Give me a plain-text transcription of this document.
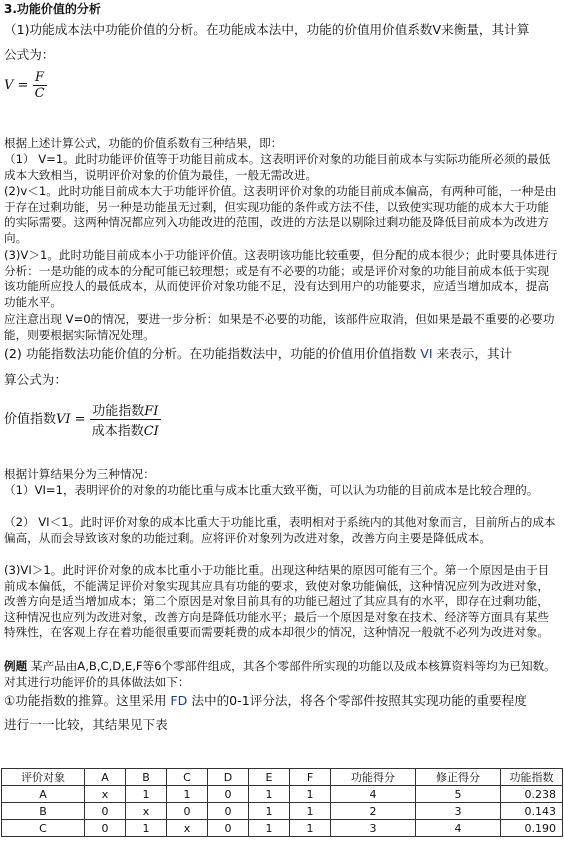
3.功能价值的分析

（1)功能成本法中功能价值的分析。在功能成本法中，功能的价值用价值系数Ⅴ来衡量，其计算

公式为：

$V = \frac{F}{C}$

根据上述计算公式，功能的价值系数有三种结果，即：

（1） V=1。此时功能评价值等于功能目前成本。这表明评价对象的功能目前成本与实际功能所必须的最低成本大致相当，说明评价对象的价值为最佳，一般无需改进。

(2)v＜1。此时功能目前成本大于功能评价值。这表明评价对象的功能目前成本偏高，有两种可能，一种是由于存在过剩功能，另一种是功能虽无过剩，但实现功能的条件或方法不佳，以致使实现功能的成本大于功能的实际需要。这两种情况都应列入功能改进的范围，改进的方法是以剔除过剩功能及降低目前成本为改进方向。

(3)V＞1。此时功能目前成本小于功能评价值。这表明该功能比较重要，但分配的成本很少；此时要具体进行分析：一是功能的成本的分配可能已较理想；或是有不必要的功能；或是评价对象的功能目前成本低于实现该功能所应投人的最低成本，从而使评价对象功能不足，没有达到用户的功能要求，应适当增加成本，提高功能水平。

应注意出现 V=0的情况，要进一步分析：如果是不必要的功能，该部件应取消，但如果是最不重要的必要功能，则要根据实际情况处理。

(2) 功能指数法功能价值的分析。在功能指数法中，功能的价值用价值指数 VI 来表示，其计

算公式为：

价值指数VI = $\frac{\text{功能指数FI}}{\text{成本指数CI}}$

根据计算结果分为三种情况：

（1）VI=1，表明评价的对象的功能比重与成本比重大致平衡，可以认为功能的目前成本是比较合理的。

（2） VI＜1。此时评价对象的成本比重大于功能比重，表明相对于系统内的其他对象而言，目前所占的成本偏高，从而会导致该对象的功能过剩。应将评价对象列为改进对象，改善方向主要是降低成本。

(3)VI＞1。此时评价对象的成本比重小于功能比重。出现这种结果的原因可能有三个。第一个原因是由于目前成本偏低，不能满足评价对象实现其应具有功能的要求，致使对象功能偏低，这种情况应列为改进对象，改善方向是适当增加成本；第二个原因是对象目前具有的功能已超过了其应具有的水平，即存在过剩功能，这种情况也应列为改进对象，改善方向是降低功能水平；最后一个原因是对象在技术、经济等方面具有某些特殊性，在客观上存在着功能很重要而需要耗费的成本却很少的情况，这种情况一般就不必列为改进对象。

例题 某产品由A,B,C,D,E,F等6个零部件组成，其各个零部件所实现的功能以及成本核算资料等均为已知数。对其进行功能评价的具体做法如下：

①功能指数的推算。这里采用 FD 法中的0-1评分法，将各个零部件按照其实现功能的重要程度

进行一一比较，其结果见下表

评价对象	A	B	C	D	E	F	功能得分	修正得分	功能指数
A	x	1	1	0	1	1	4	5	0.238
B	0	x	0	0	1	1	2	3	0.143
C	0	1	x	0	1	1	3	4	0.190
